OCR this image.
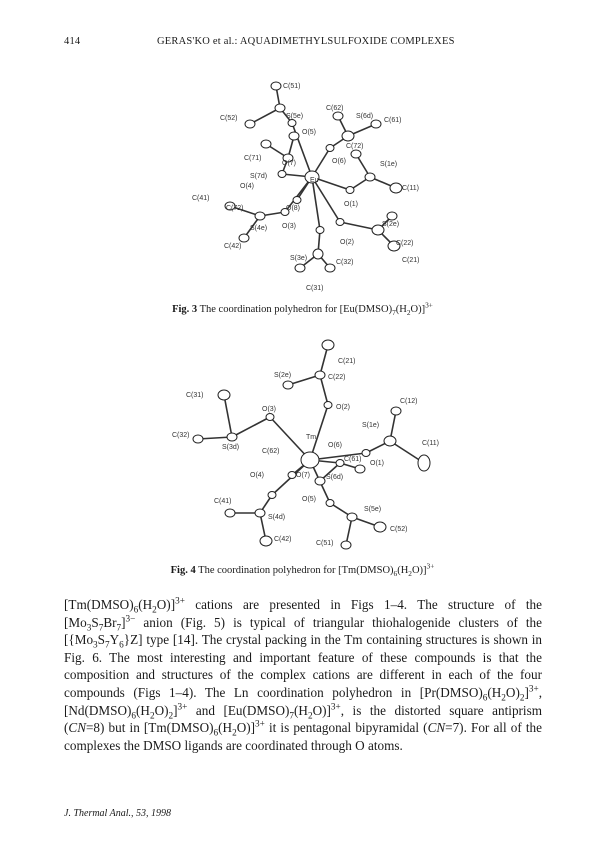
414	GERAS'KO et al.: AQUADIMETHYLSULFOXIDE COMPLEXES
C(51)
C(52)	S(5e)
C(62)
S(6d)
C(61)
O(5)
C(71)
O(7)	O(6)
C(72)
S(1e)
S(7d)
O(4)
Eu
C(11)
C(41)
C(72)	O(8)
O(1)
S(4e) O(3)	S(2e)
C(42)
O(2)	C(22)
S(3e)
C(32)	C(21)
C(31)
Fig. 3 The coordination polyhedron for $[Eu(DMSO)_7(H_2O)]^{3+}$
C(21)
S(2e)	C(22)
C(31)
O(2)
C(12)
O(3)
S(1e)
C(32)
S(3d)
Tm
C(11)
C(62)
O(6)
O(4)
C(61)
O(1)
O(7) S(6d)
C(41)	O(5)
S(5e)
S(4d)
C(52)
C(42)
C(51)
Fig. 4 The coordination polyhedron for $[Tm(DMSO)_6(H_2O)]^{3+}$

$[Tm(DMSO)_6(H_2O)]^{3+}$ cations are presented in Figs 1–4. The structure of the $[Mo_3S_7Br_7]^{3-}$ anion (Fig. 5) is typical of triangular thiohalogenide clusters of the $[\{Mo_3S_7Y_6\}Z]$ type [14]. The crystal packing in the Tm containing structures is shown in Fig. 6. The most interesting and important feature of these compounds is that the composition and structures of the complex cations are different in each of the four compounds (Figs 1–4). The Ln coordination polyhedron in $[Pr(DMSO)_6(H_2O)_2]^{3+}$, $[Nd(DMSO)_6(H_2O)_2]^{3+}$ and $[Eu(DMSO)_7(H_2O)]^{3+}$, is the distorted square antiprism (CN=8) but in $[Tm(DMSO)_6(H_2O)]^{3+}$ it is pentagonal bipyramidal (CN=7). For all of the complexes the DMSO ligands are coordinated through O atoms.

J. Thermal Anal., 53, 1998
